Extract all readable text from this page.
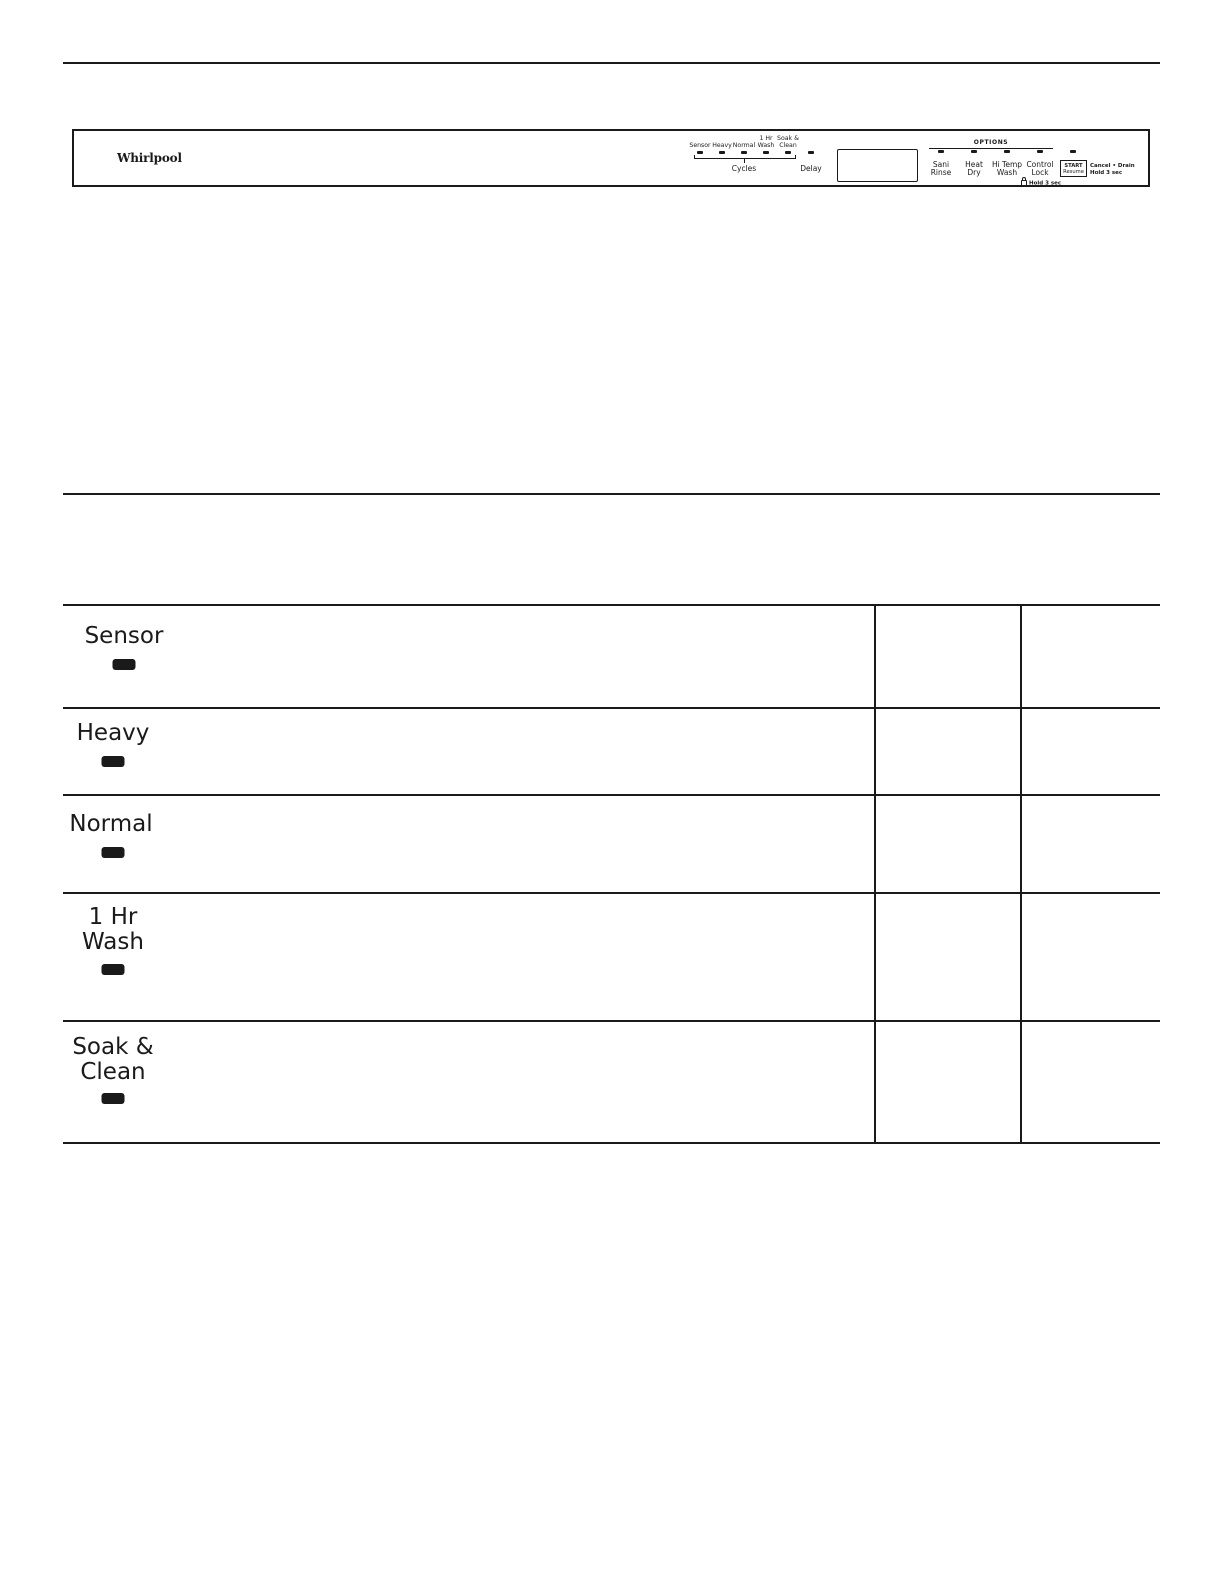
Whirlpool
Sensor Heavy Normal
1 Hr
Wash
Soak &
Clean
Cycles	Delay
OPTIONS
Sani
Rinse
Heat
Dry
Hi Temp
Wash
Control
Lock
Hold 3 sec
START
Resume
Cancel • Drain
Hold 3 sec
Sensor
Heavy
Normal
1 Hr
Wash
Soak &
Clean
